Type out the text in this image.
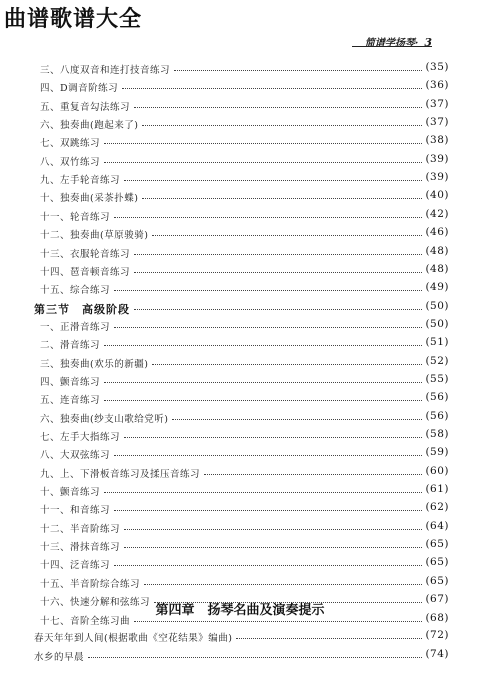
曲谱歌谱大全
简谱学扬琴· 3
三、八度双音和连打技音练习	(35)
四、D调音阶练习	(36)
五、重复音勾法练习	(37)
六、独奏曲(跑起来了)	(37)
七、双跳练习	(38)
八、双竹练习	(39)
九、左手轮音练习	(39)
十、独奏曲(采茶扑蝶)	(40)
十一、轮音练习	(42)
十二、独奏曲(草原骏骑)	(46)
十三、衣服轮音练习	(48)
十四、琶音顿音练习	(48)
十五、综合练习	(49)
第三节　高级阶段	(50)
一、正滑音练习	(50)
二、滑音练习	(51)
三、独奏曲(欢乐的新疆)	(52)
四、颤音练习	(55)
五、连音练习	(56)
六、独奏曲(纱支山歌给党听)	(56)
七、左手大指练习	(58)
八、大双弦练习	(59)
九、上、下滑板音练习及揉压音练习	(60)
十、颤音练习	(61)
十一、和音练习	(62)
十二、半音阶练习	(64)
十三、滑抹音练习	(65)
十四、泛音练习	(65)
十五、半音阶综合练习	(65)
十六、快速分解和弦练习	(67)
十七、音阶全练习曲	(68)
第四章　扬琴名曲及演奏提示
春天年年到人间(根据歌曲《空花结果》编曲)	(72)
水乡的早晨	(74)
